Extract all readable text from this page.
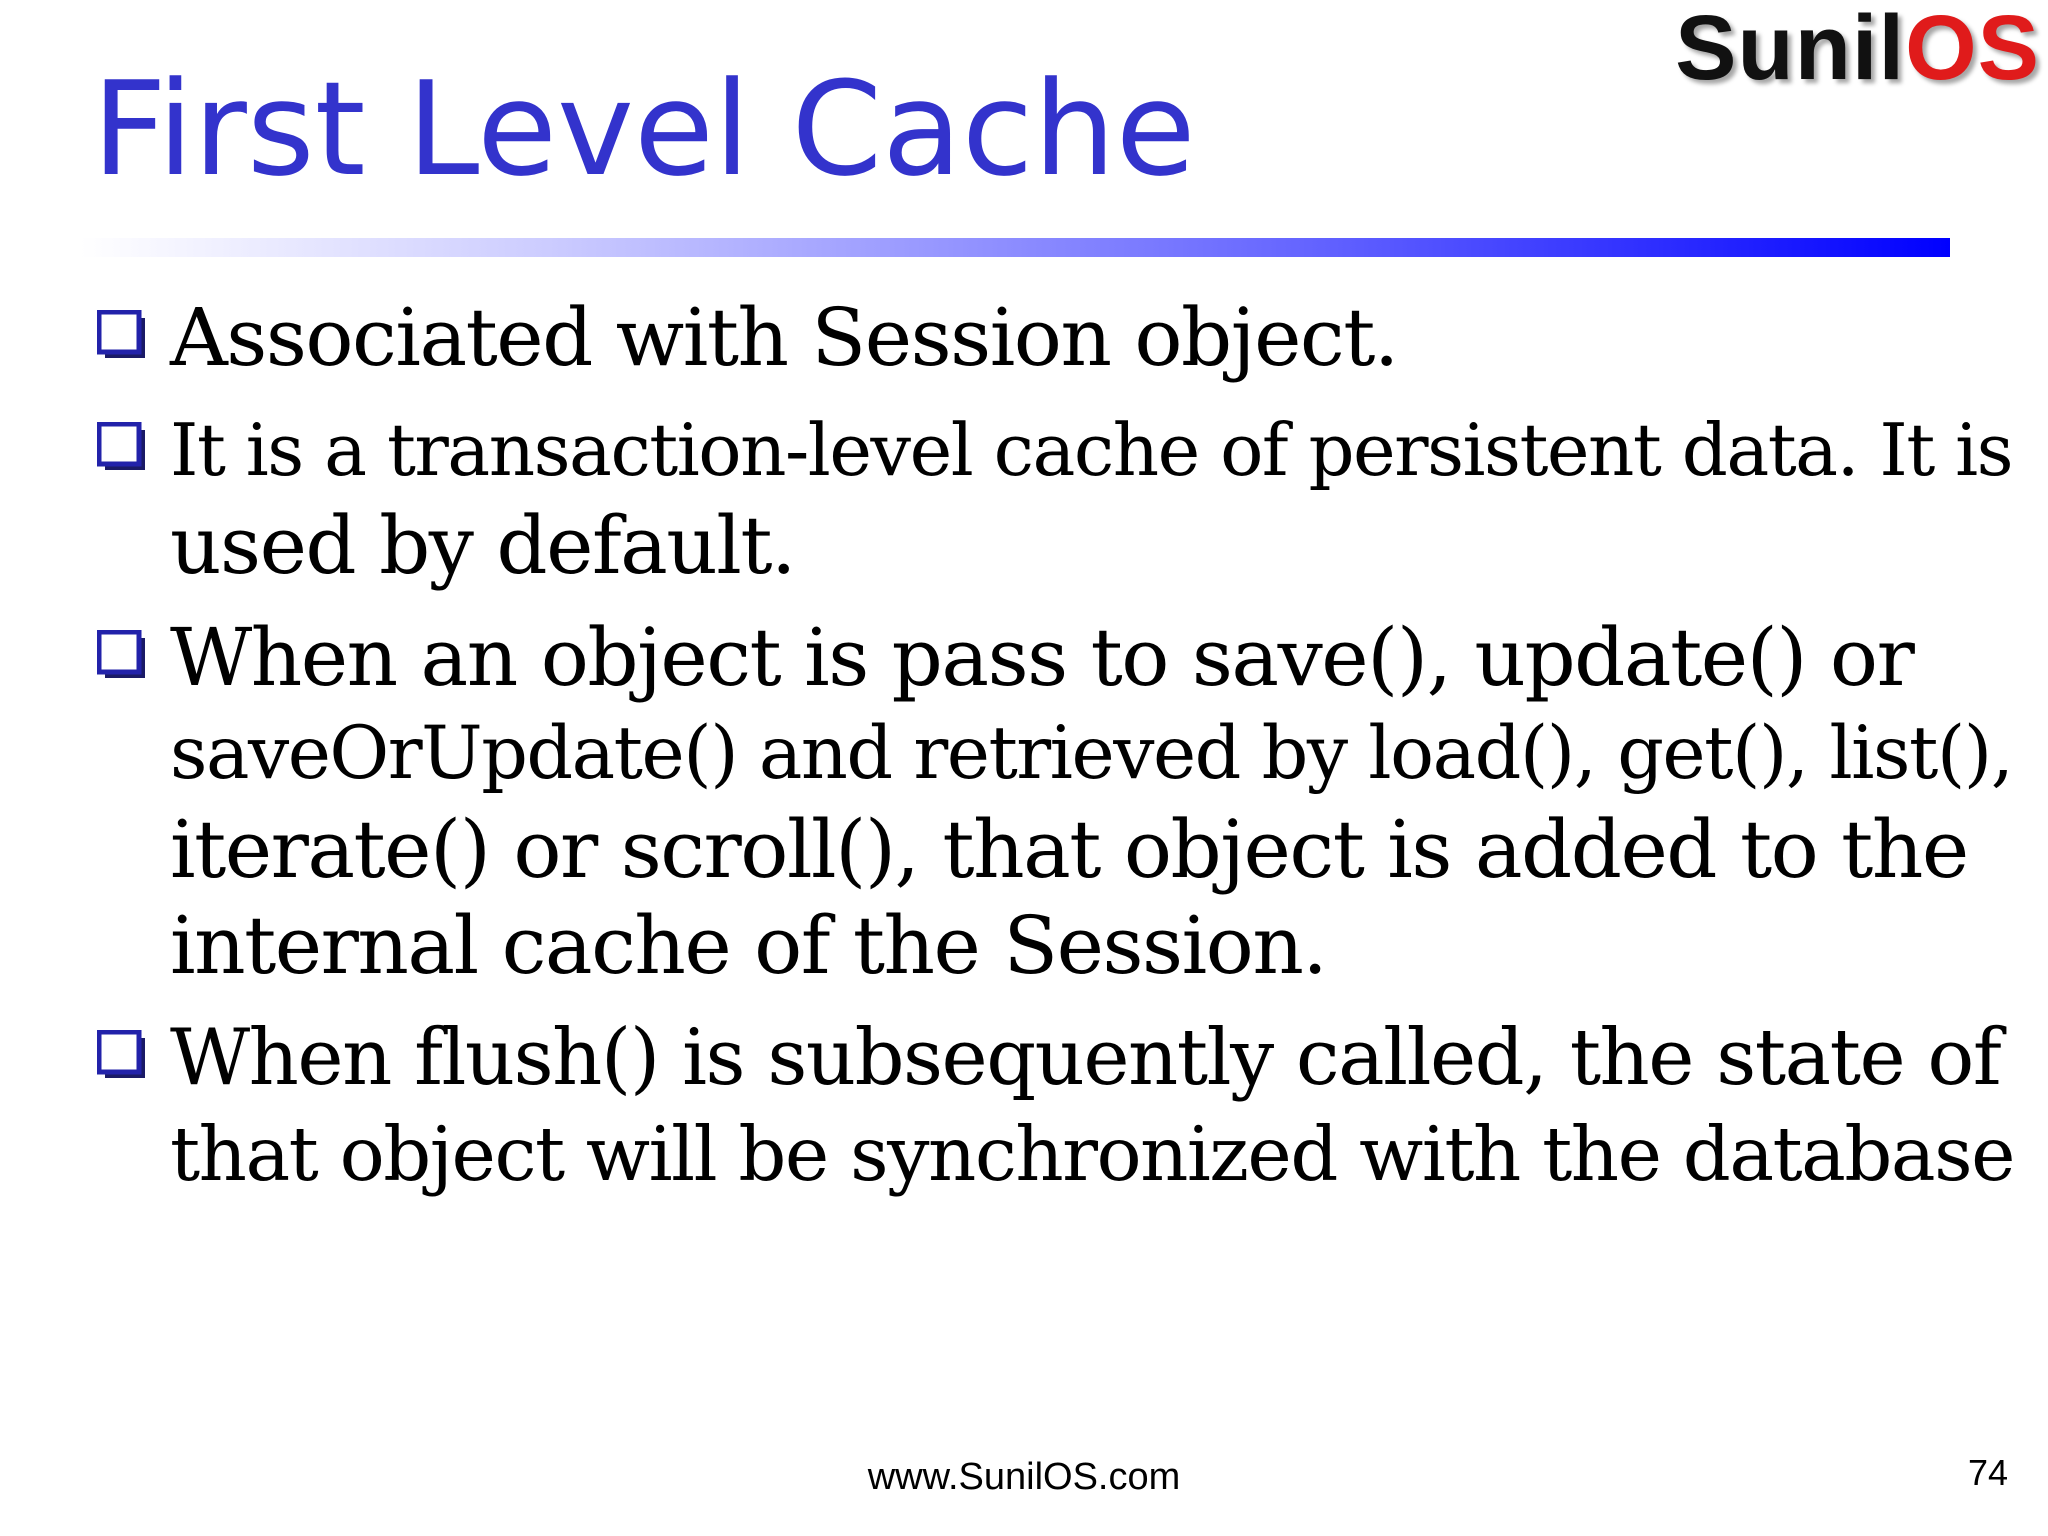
SunilOS
First Level Cache
Associated with Session object.
It is a transaction-level cache of persistent data. It is
used by default.
When an object is pass to save(), update() or
saveOrUpdate() and retrieved by load(), get(), list(),
iterate() or scroll(), that object is added to the
internal cache of the Session.
When flush() is subsequently called, the state of
that object will be synchronized with the database
www.SunilOS.com	74
